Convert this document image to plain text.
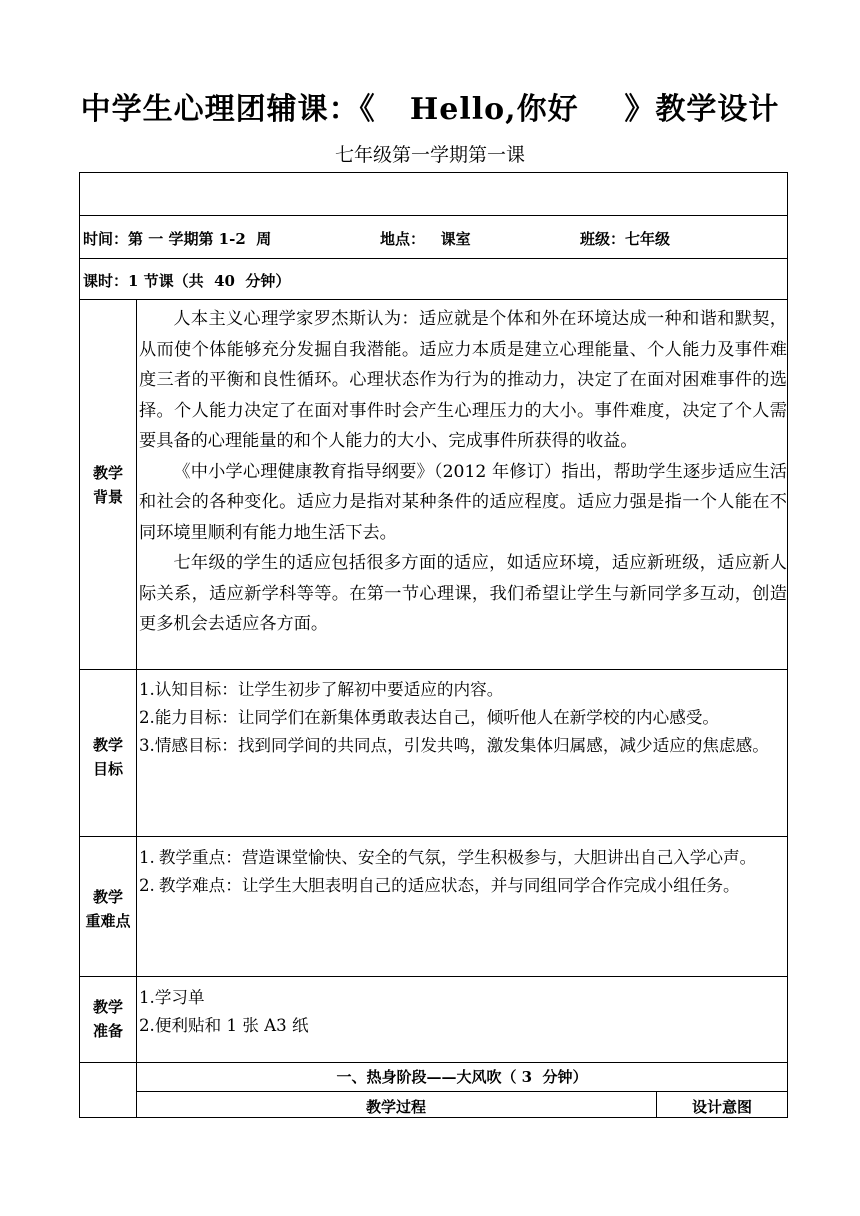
中学生心理团辅课：《   Hello,你好    》教学设计
七年级第一学期第一课
时间：第 一 学期第 1-2  周	地点：   课室	班级：七年级
课时：1 节课（共  40  分钟）
教学
背景

人本主义心理学家罗杰斯认为：适应就是个体和外在环境达成一种和谐和默契，从而使个体能够充分发掘自我潜能。适应力本质是建立心理能量、个人能力及事件难度三者的平衡和良性循环。心理状态作为行为的推动力，决定了在面对困难事件的选择。个人能力决定了在面对事件时会产生心理压力的大小。事件难度，决定了个人需要具备的心理能量的和个人能力的大小、完成事件所获得的收益。

《中小学心理健康教育指导纲要》（2012 年修订）指出，帮助学生逐步适应生活和社会的各种变化。适应力是指对某种条件的适应程度。适应力强是指一个人能在不同环境里顺利有能力地生活下去。

七年级的学生的适应包括很多方面的适应，如适应环境，适应新班级，适应新人际关系，适应新学科等等。在第一节心理课，我们希望让学生与新同学多互动，创造更多机会去适应各方面。

教学
目标
1. 认知目标： 让学生初步了解初中要适应的内容。
2. 能力目标： 让同学们在新集体勇敢表达自己，倾听他人在新学校的内心感受。
3. 情感目标： 找到同学间的共同点，引发共鸣，激发集体归属感，减少适应的焦虑感。
教学
重难点
1. 教学重点： 营造课堂愉快、安全的气氛，学生积极参与，大胆讲出自己入学心声。
2. 教学难点： 让学生大胆表明自己的适应状态，并与同组同学合作完成小组任务。
教学
准备
1.学习单
2.便利贴和 1 张 A3 纸
一、热身阶段——大风吹（ 3  分钟）
教学过程	设计意图
